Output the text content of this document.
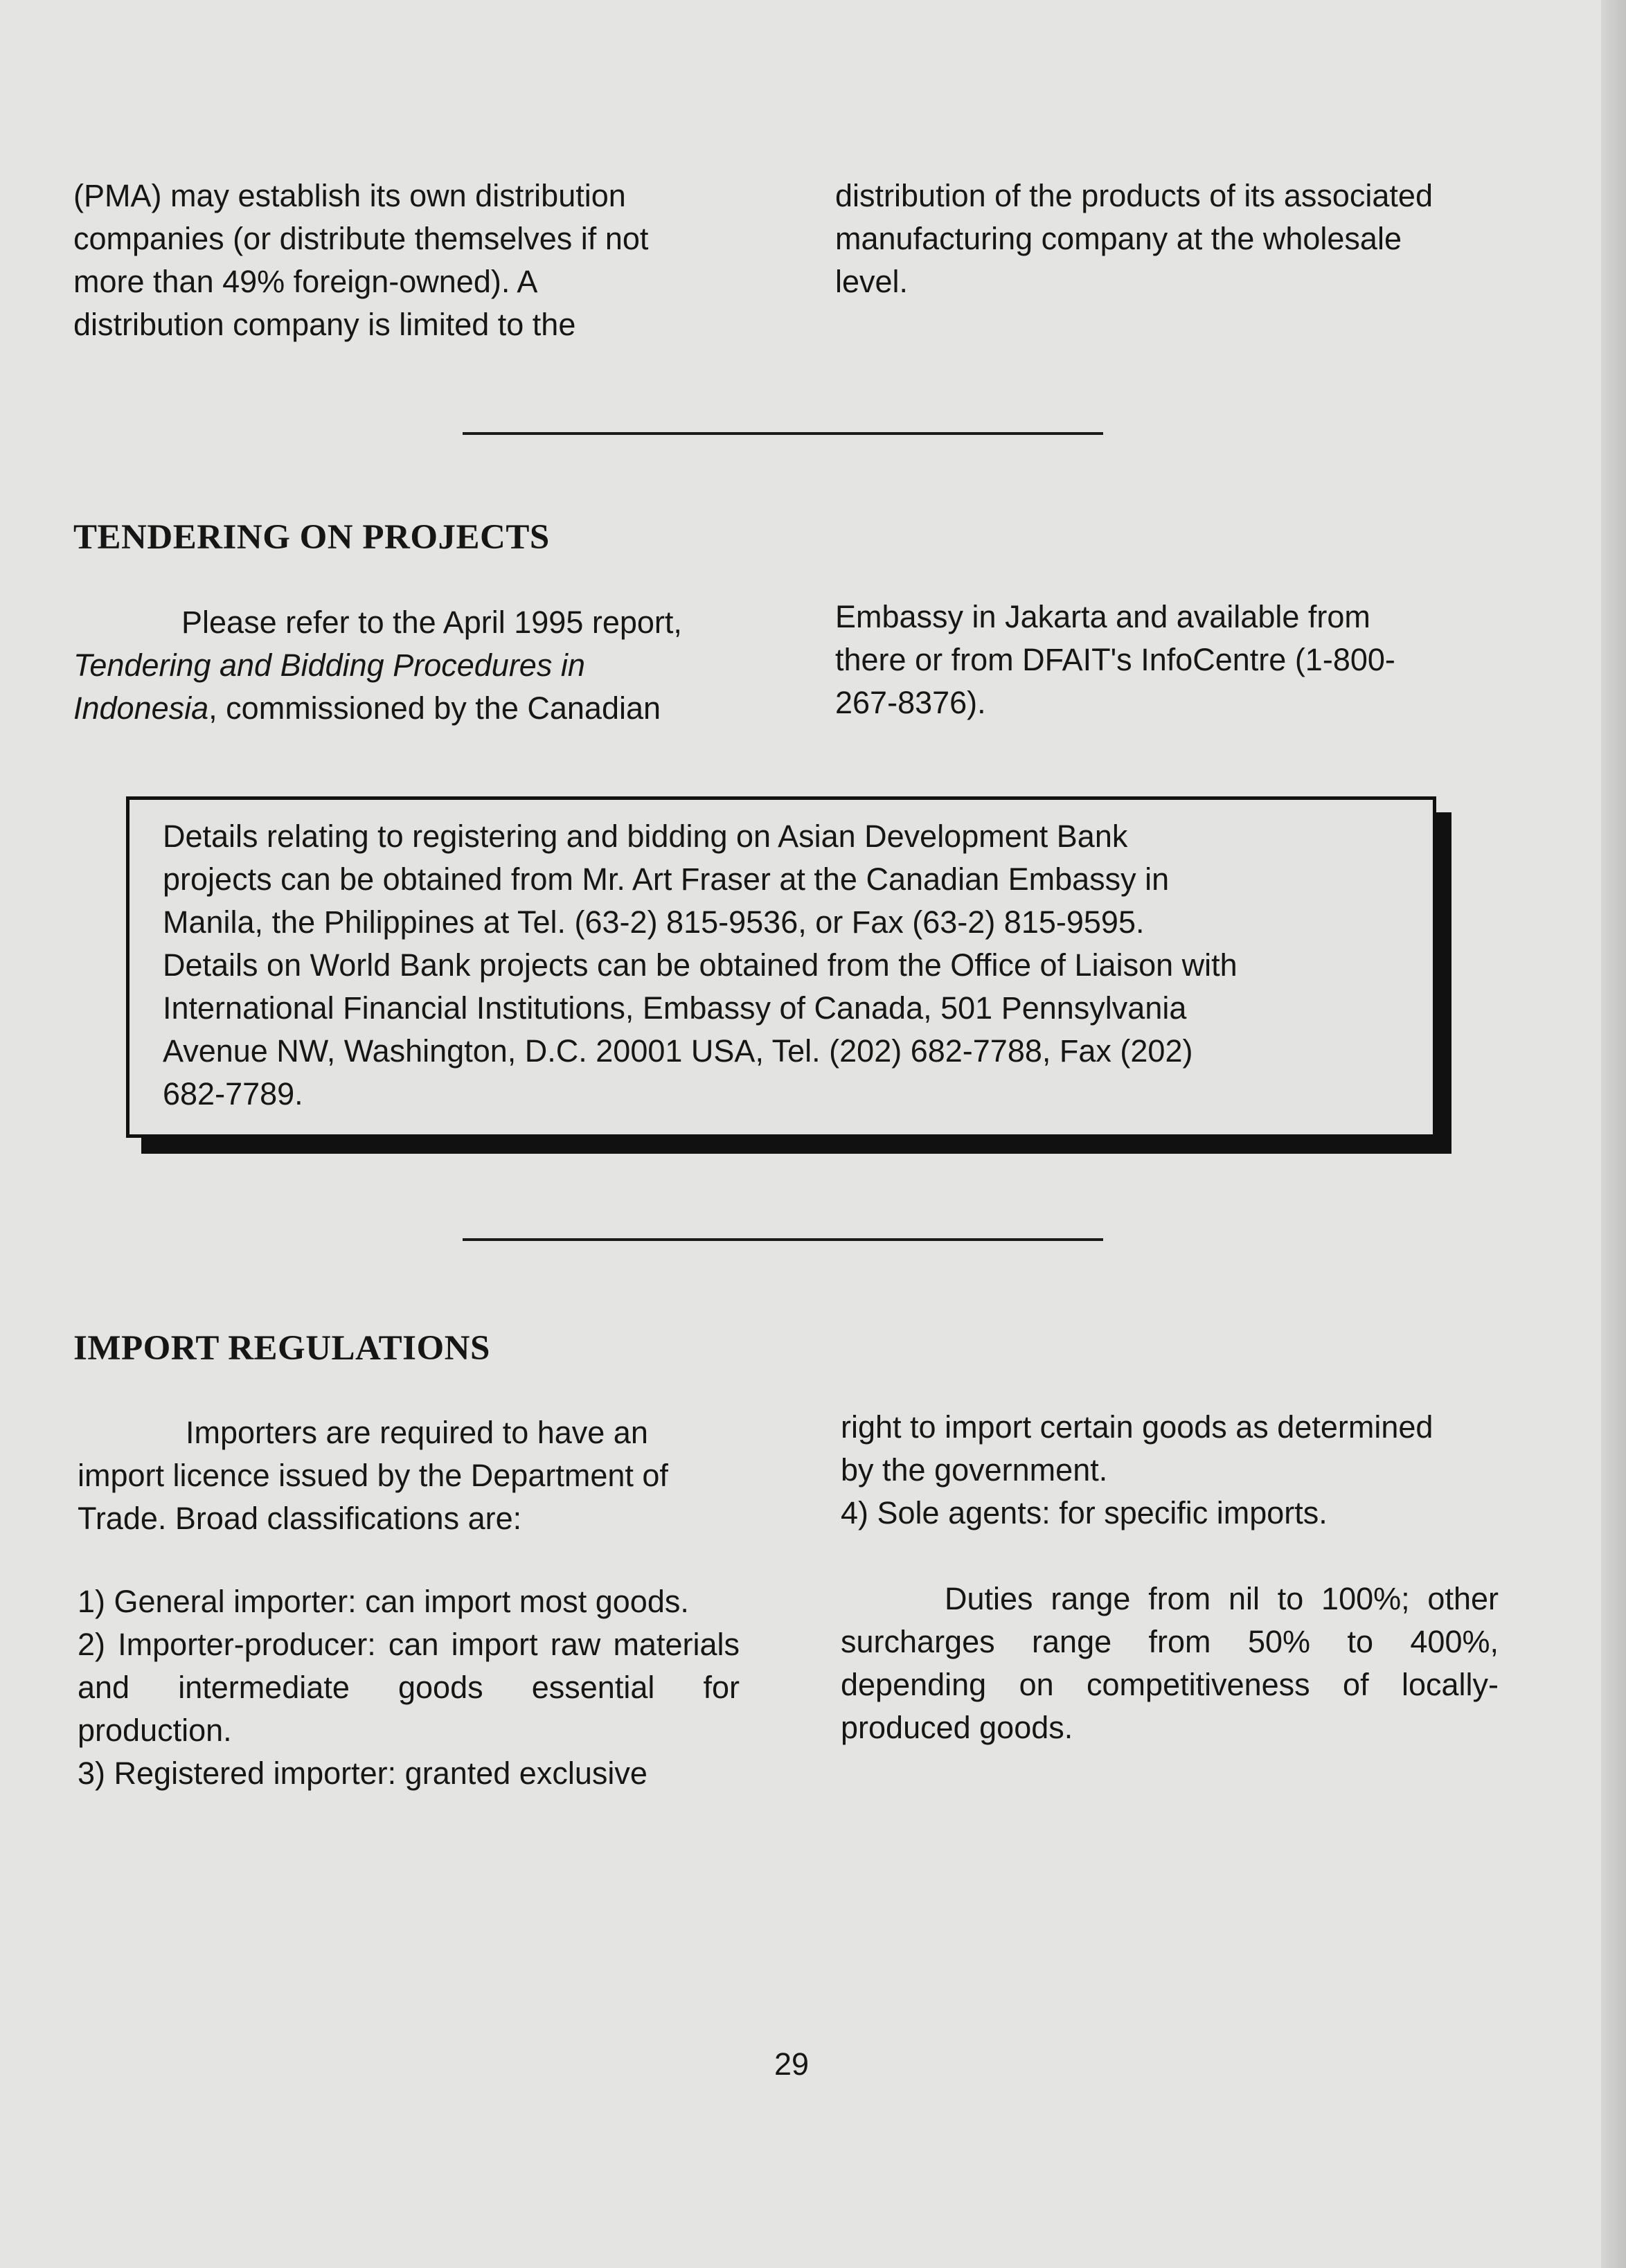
(PMA) may establish its own distribution

companies (or distribute themselves if not

more than 49% foreign-owned). A

distribution company is limited to the

distribution of the products of its associated

manufacturing company at the wholesale

level.

TENDERING ON PROJECTS

Please refer to the April 1995 report,

Tendering and Bidding Procedures in

Indonesia, commissioned by the Canadian

Embassy in Jakarta and available from

there or from DFAIT's InfoCentre (1-800-

267-8376).

Details relating to registering and bidding on Asian Development Bank

projects can be obtained from Mr. Art Fraser at the Canadian Embassy in

Manila, the Philippines at Tel. (63-2) 815-9536, or Fax (63-2) 815-9595.

Details on World Bank projects can be obtained from the Office of Liaison with

International Financial Institutions, Embassy of Canada, 501 Pennsylvania

Avenue NW, Washington, D.C. 20001 USA, Tel. (202) 682-7788, Fax (202)

682-7789.

IMPORT REGULATIONS

Importers are required to have an

import licence issued by the Department of

Trade. Broad classifications are:

1) General importer: can import most goods.

2) Importer-producer: can import raw materials and intermediate goods essential for production.

3) Registered importer: granted exclusive

right to import certain goods as determined

by the government.

4) Sole agents: for specific imports.

Duties range from nil to 100%; other surcharges range from 50% to 400%, depending on competitiveness of locally-produced goods.

29
